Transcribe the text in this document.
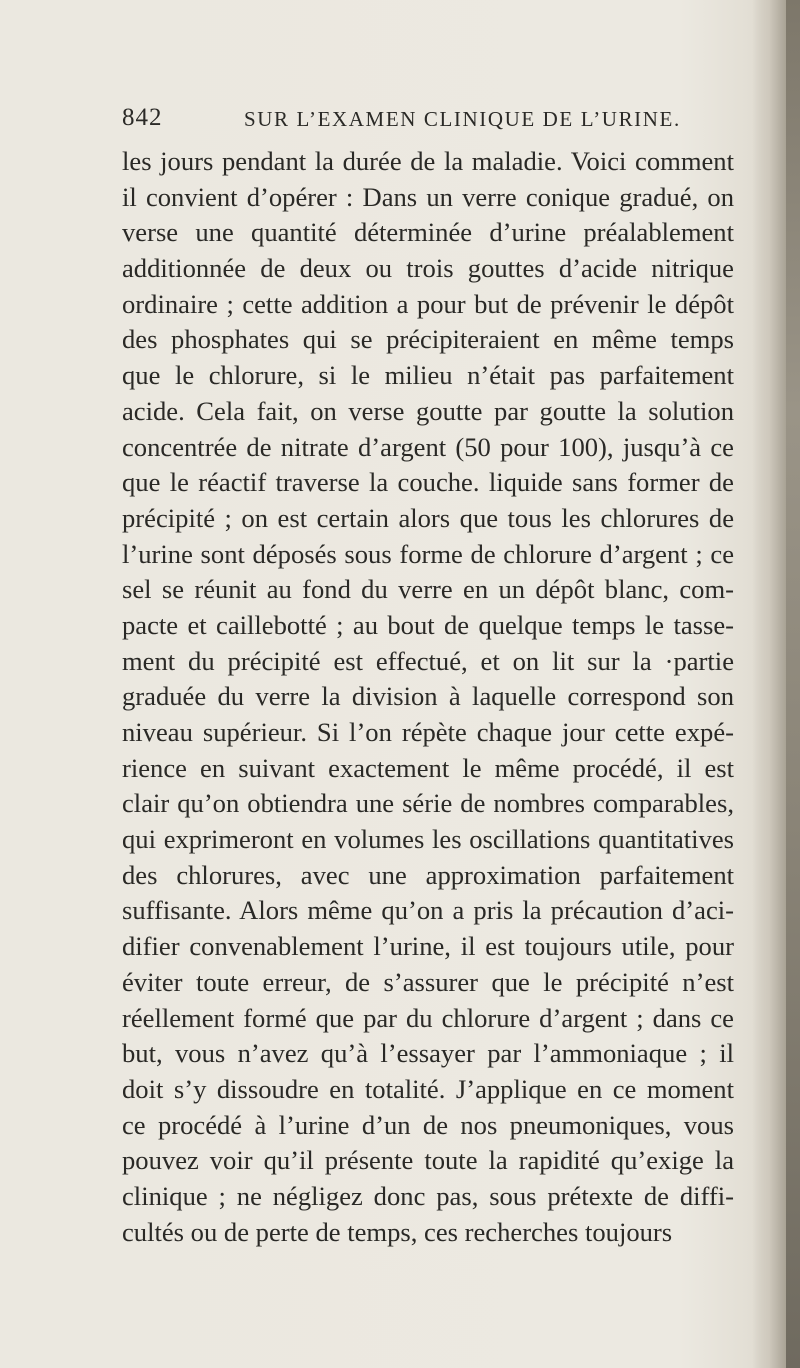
842	SUR L’EXAMEN CLINIQUE DE L’URINE.
les jours pendant la durée de la maladie. Voici comment
il convient d’opérer : Dans un verre conique gradué, on
verse une quantité déterminée d’urine préalablement
additionnée de deux ou trois gouttes d’acide nitrique
ordinaire ; cette addition a pour but de prévenir le dépôt
des phosphates qui se précipiteraient en même temps
que le chlorure, si le milieu n’était pas parfaitement
acide. Cela fait, on verse goutte par goutte la solution
concentrée de nitrate d’argent (50 pour 100), jusqu’à ce
que le réactif traverse la couche. liquide sans former de
précipité ; on est certain alors que tous les chlorures de
l’urine sont déposés sous forme de chlorure d’argent ; ce
sel se réunit au fond du verre en un dépôt blanc, com-
pacte et caillebotté ; au bout de quelque temps le tasse-
ment du précipité est effectué, et on lit sur la ·partie
graduée du verre la division à laquelle correspond son
niveau supérieur. Si l’on répète chaque jour cette expé-
rience en suivant exactement le même procédé, il est
clair qu’on obtiendra une série de nombres comparables,
qui exprimeront en volumes les oscillations quantitatives
des chlorures, avec une approximation parfaitement
suffisante. Alors même qu’on a pris la précaution d’aci-
difier convenablement l’urine, il est toujours utile, pour
éviter toute erreur, de s’assurer que le précipité n’est
réellement formé que par du chlorure d’argent ; dans ce
but, vous n’avez qu’à l’essayer par l’ammoniaque ; il
doit s’y dissoudre en totalité. J’applique en ce moment
ce procédé à l’urine d’un de nos pneumoniques, vous
pouvez voir qu’il présente toute la rapidité qu’exige la
clinique ; ne négligez donc pas, sous prétexte de diffi-
cultés ou de perte de temps, ces recherches toujours
